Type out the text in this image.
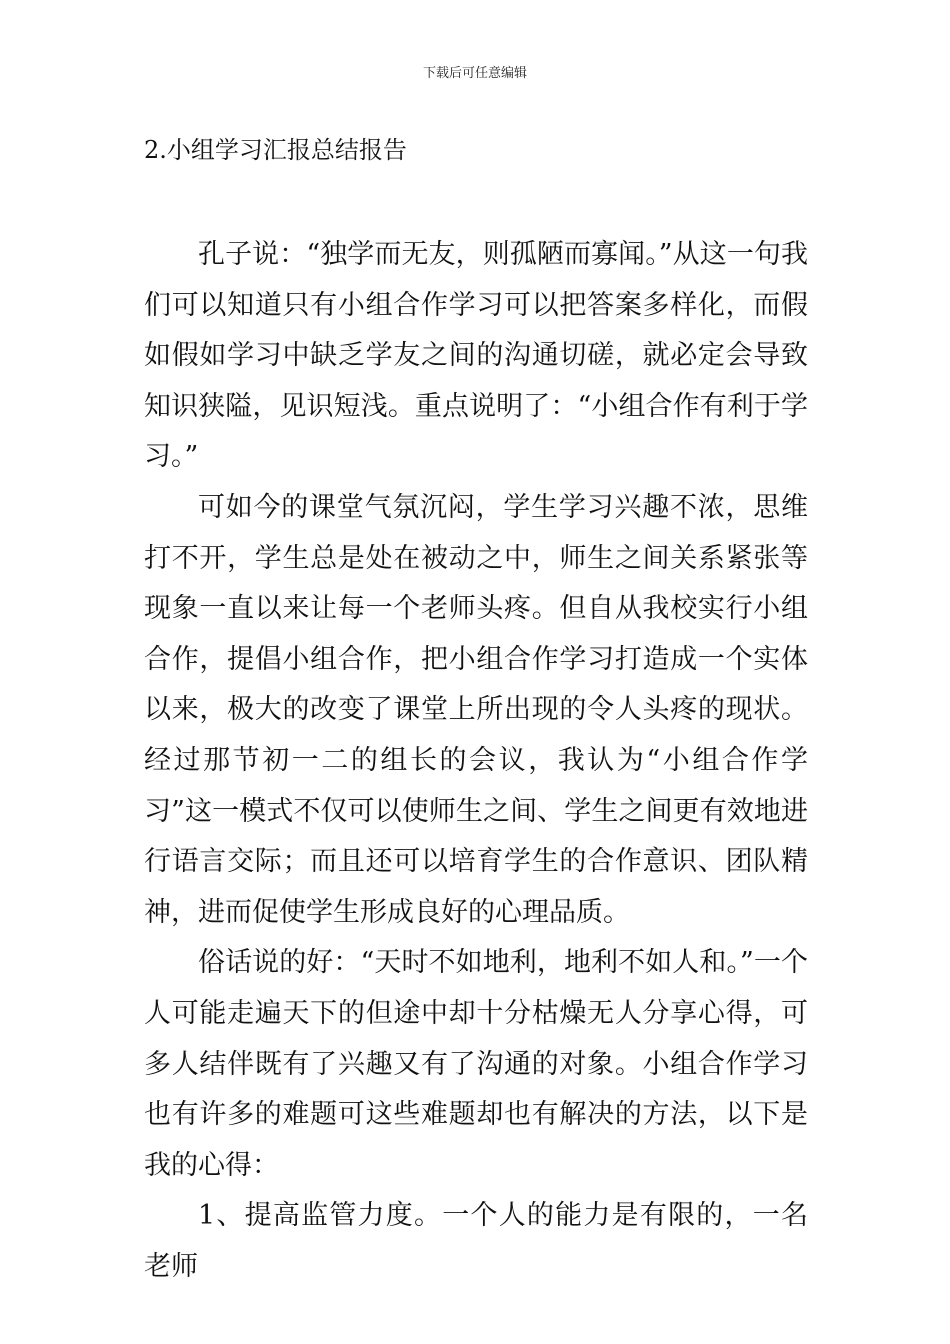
下载后可任意编辑
2.小组学习汇报总结报告

孔子说：“独学而无友，则孤陋而寡闻。”从这一句我们可以知道只有小组合作学习可以把答案多样化，而假如假如学习中缺乏学友之间的沟通切磋，就必定会导致知识狭隘，见识短浅。重点说明了：“小组合作有利于学习。”

可如今的课堂气氛沉闷，学生学习兴趣不浓，思维打不开，学生总是处在被动之中，师生之间关系紧张等现象一直以来让每一个老师头疼。但自从我校实行小组合作，提倡小组合作，把小组合作学习打造成一个实体以来，极大的改变了课堂上所出现的令人头疼的现状。经过那节初一二的组长的会议，我认为“小组合作学习”这一模式不仅可以使师生之间、学生之间更有效地进行语言交际；而且还可以培育学生的合作意识、团队精神，进而促使学生形成良好的心理品质。

俗话说的好：“天时不如地利，地利不如人和。”一个人可能走遍天下的但途中却十分枯燥无人分享心得，可多人结伴既有了兴趣又有了沟通的对象。小组合作学习也有许多的难题可这些难题却也有解决的方法，以下是我的心得：

1、提高监管力度。一个人的能力是有限的，一名老师
